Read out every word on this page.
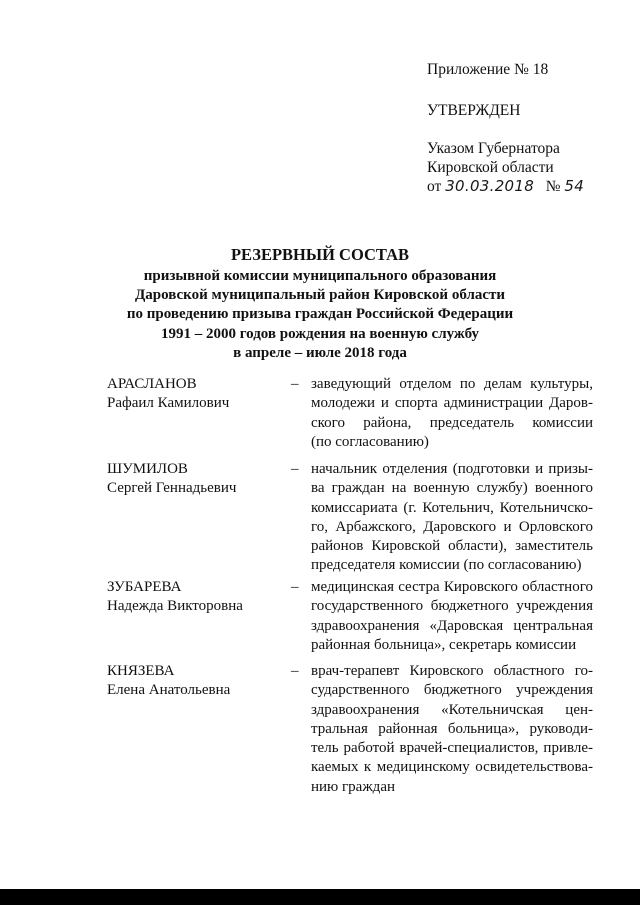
Приложение № 18
УТВЕРЖДЕН
Указом Губернатора
Кировской области
от 30.03.2018 № 54
РЕЗЕРВНЫЙ СОСТАВ
призывной комиссии муниципального образования
Даровской муниципальный район Кировской области
по проведению призыва граждан Российской Федерации
1991 – 2000 годов рождения на военную службу
в апреле – июле 2018 года
АРАСЛАНОВ
Рафаил Камилович
– заведующий отделом по делам культуры,
молодежи и спорта администрации Даров-
ского района, председатель комиссии
(по согласованию)
ШУМИЛОВ
Сергей Геннадьевич
– начальник отделения (подготовки и призы-
ва граждан на военную службу) военного
комиссариата (г. Котельнич, Котельничско-
го, Арбажского, Даровского и Орловского
районов Кировской области), заместитель
председателя комиссии (по согласованию)
ЗУБАРЕВА
Надежда Викторовна
– медицинская сестра Кировского областного
государственного бюджетного учреждения
здравоохранения «Даровская центральная
районная больница», секретарь комиссии
КНЯЗЕВА
Елена Анатольевна
– врач-терапевт Кировского областного го-
сударственного бюджетного учреждения
здравоохранения «Котельничская цен-
тральная районная больница», руководи-
тель работой врачей-специалистов, привле-
каемых к медицинскому освидетельствова-
нию граждан
